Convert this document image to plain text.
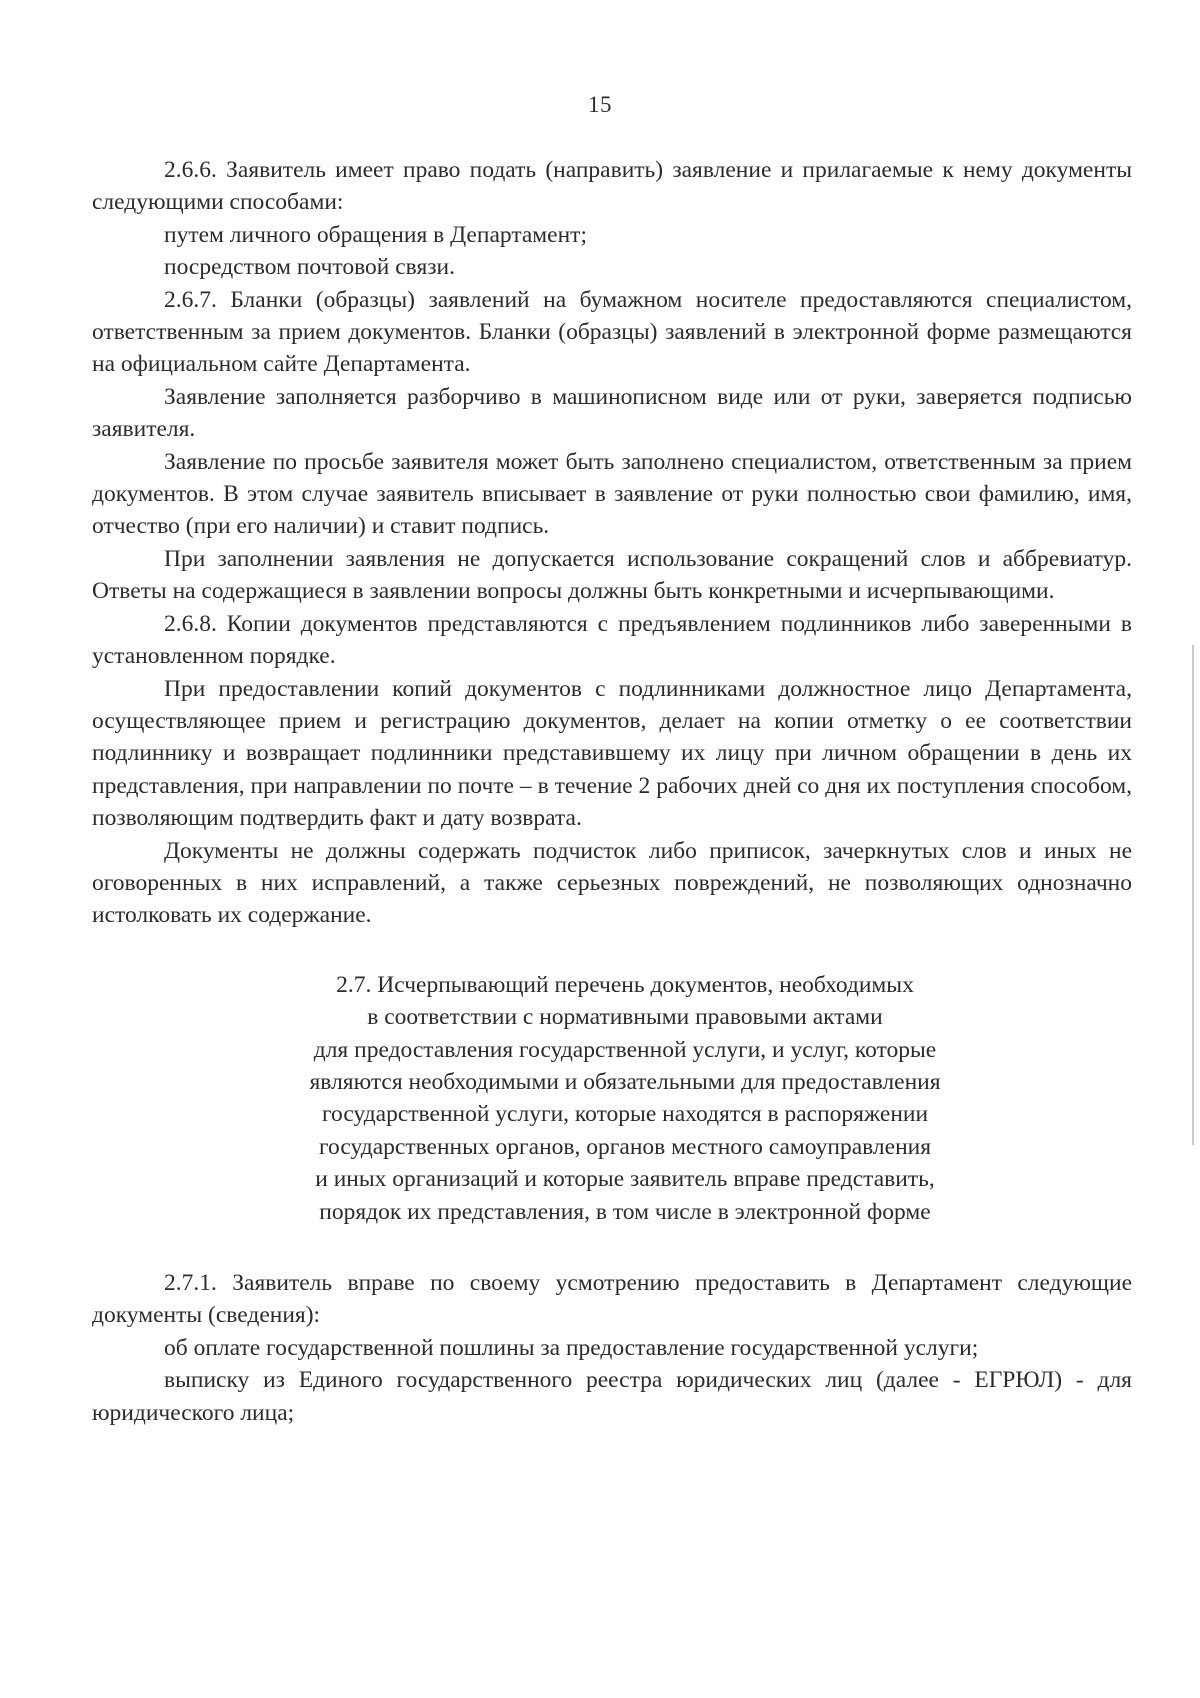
15

2.6.6. Заявитель имеет право подать (направить) заявление и прилагаемые к нему документы следующими способами:

путем личного обращения в Департамент;

посредством почтовой связи.

2.6.7. Бланки (образцы) заявлений на бумажном носителе предоставляются специалистом, ответственным за прием документов. Бланки (образцы) заявлений в электронной форме размещаются на официальном сайте Департамента.

Заявление заполняется разборчиво в машинописном виде или от руки, заверяется подписью заявителя.

Заявление по просьбе заявителя может быть заполнено специалистом, ответственным за прием документов. В этом случае заявитель вписывает в заявление от руки полностью свои фамилию, имя, отчество (при его наличии) и ставит подпись.

При заполнении заявления не допускается использование сокращений слов и аббревиатур. Ответы на содержащиеся в заявлении вопросы должны быть конкретными и исчерпывающими.

2.6.8. Копии документов представляются с предъявлением подлинников либо заверенными в установленном порядке.

При предоставлении копий документов с подлинниками должностное лицо Департамента, осуществляющее прием и регистрацию документов, делает на копии отметку о ее соответствии подлиннику и возвращает подлинники представившему их лицу при личном обращении в день их представления, при направлении по почте – в течение 2 рабочих дней со дня их поступления способом, позволяющим подтвердить факт и дату возврата.

Документы не должны содержать подчисток либо приписок, зачеркнутых слов и иных не оговоренных в них исправлений, а также серьезных повреждений, не позволяющих однозначно истолковать их содержание.

2.7. Исчерпывающий перечень документов, необходимых
в соответствии с нормативными правовыми актами
для предоставления государственной услуги, и услуг, которые
являются необходимыми и обязательными для предоставления
государственной услуги, которые находятся в распоряжении
государственных органов, органов местного самоуправления
и иных организаций и которые заявитель вправе представить,
порядок их представления, в том числе в электронной форме

2.7.1. Заявитель вправе по своему усмотрению предоставить в Департамент следующие документы (сведения):

об оплате государственной пошлины за предоставление государственной услуги;

выписку из Единого государственного реестра юридических лиц (далее - ЕГРЮЛ) - для юридического лица;
